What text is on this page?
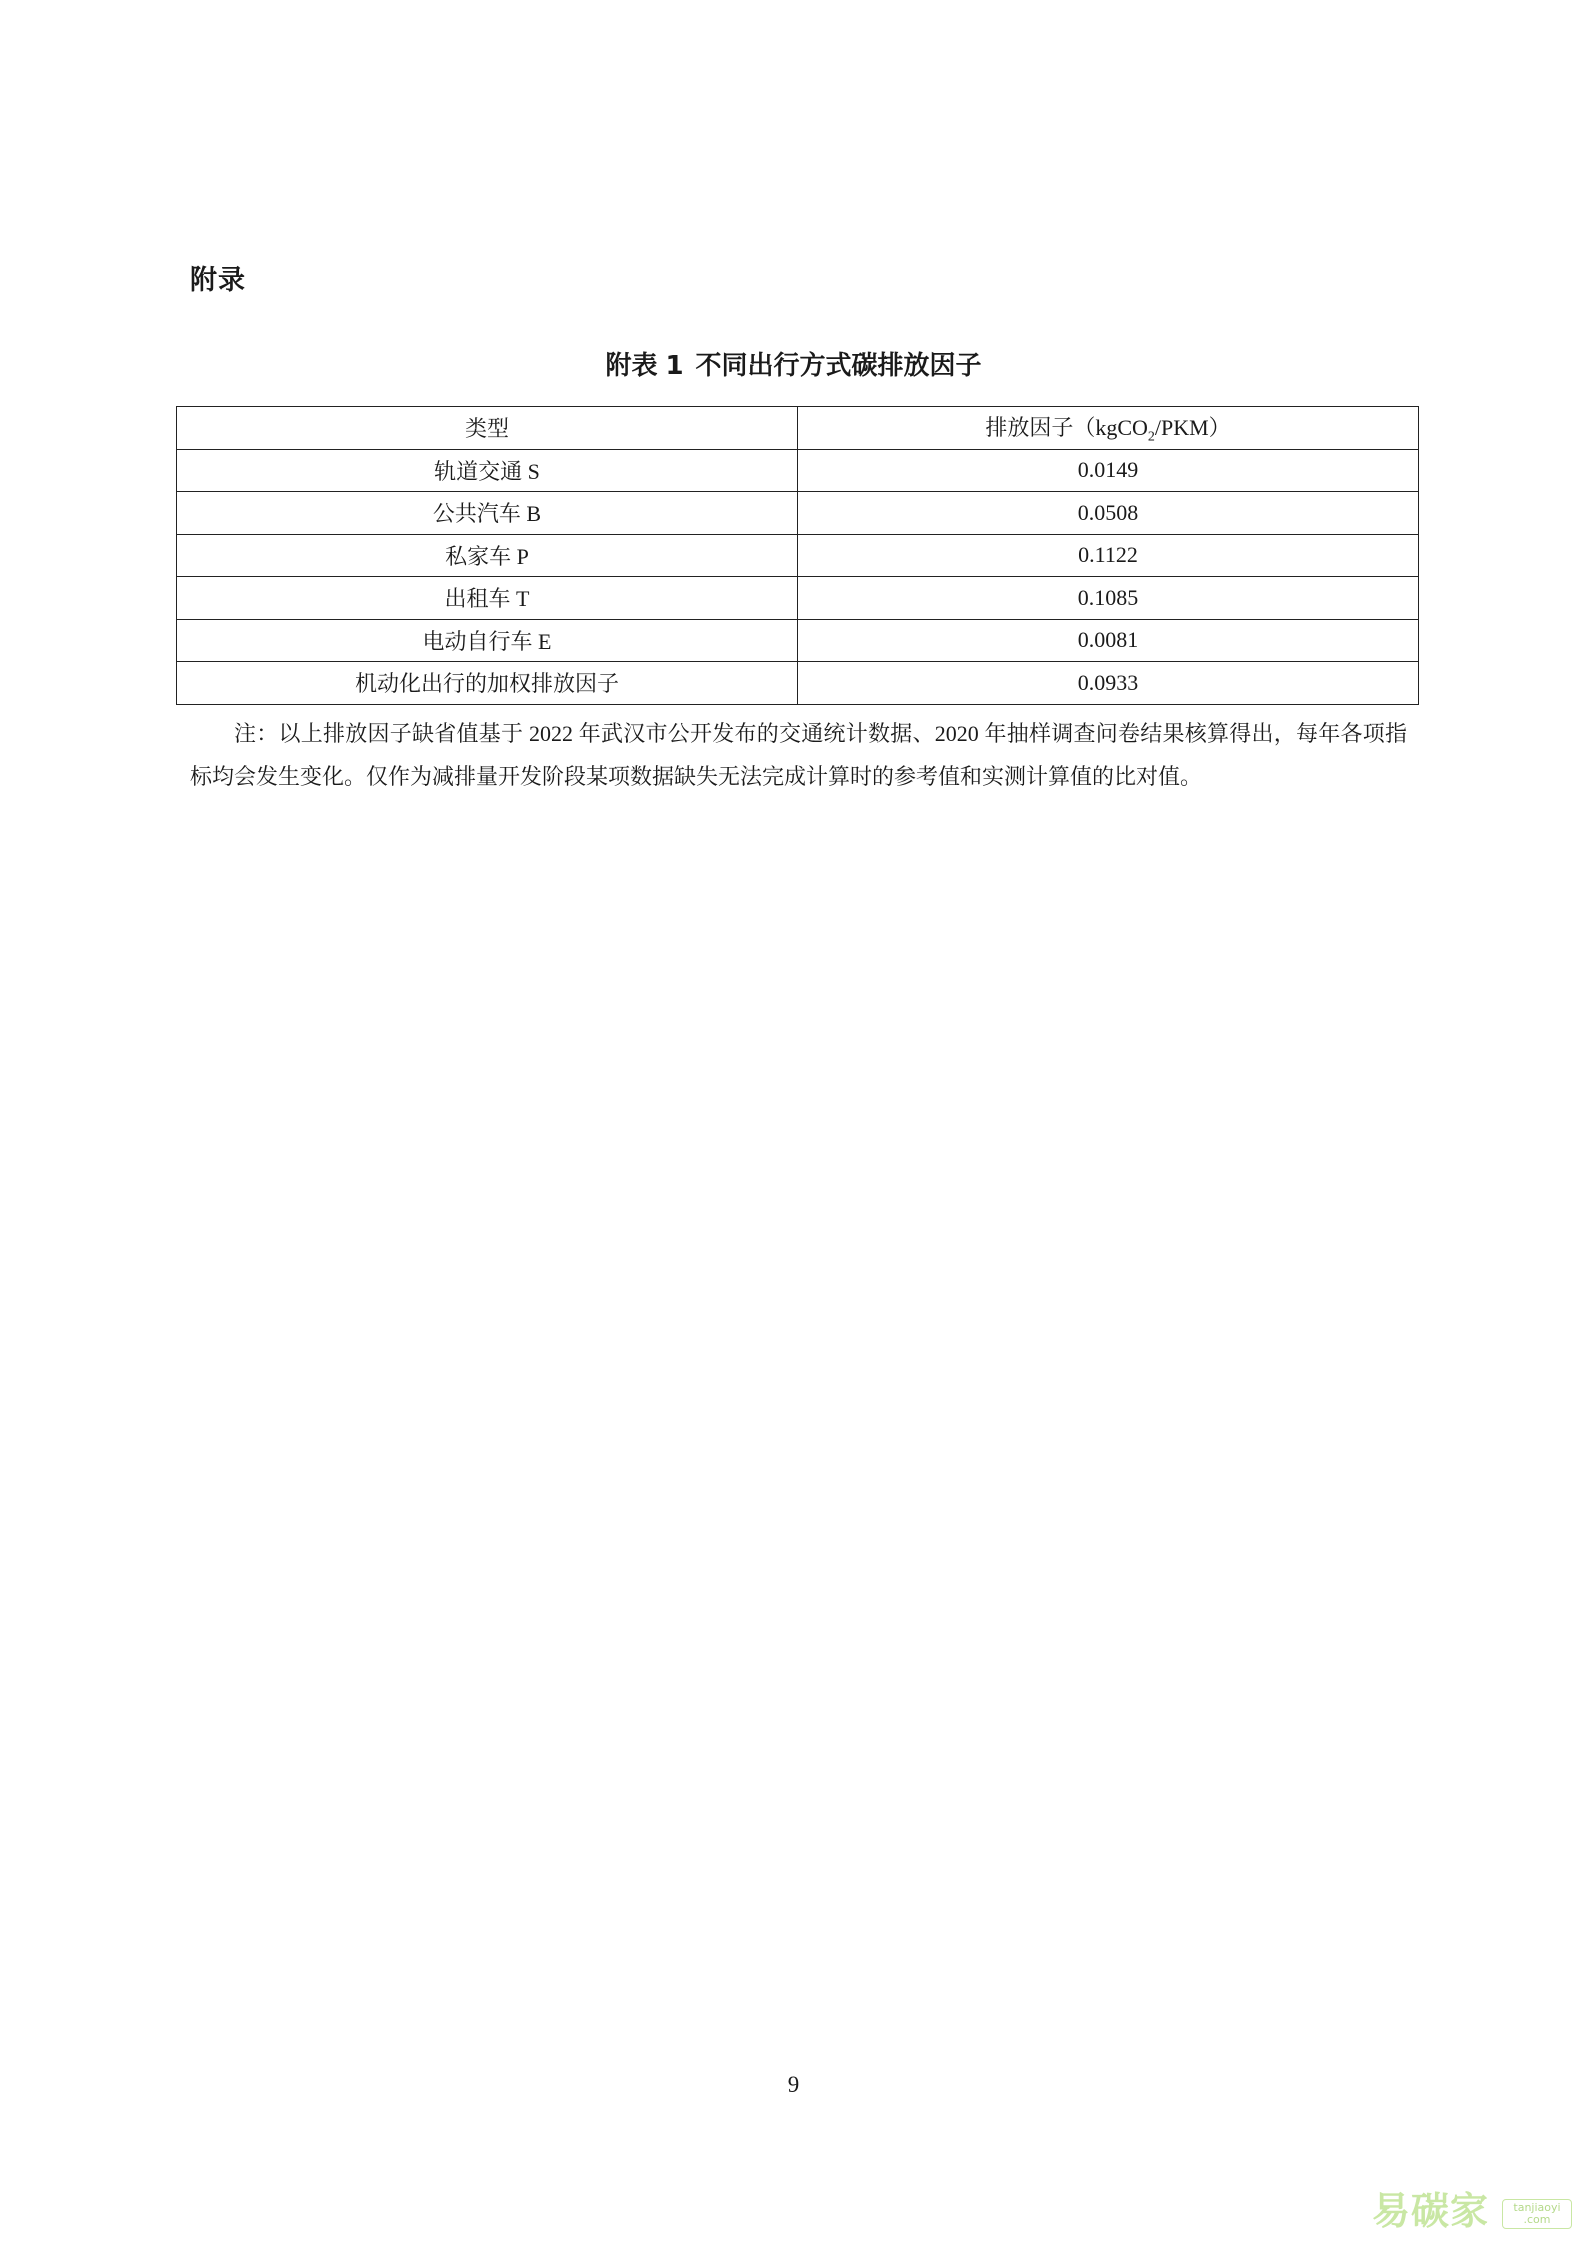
附录
附表 1 不同出行方式碳排放因子
类型	排放因子（kgCO$_2$/PKM）
轨道交通 S	0.0149
公共汽车 B	0.0508
私家车 P	0.1122
出租车 T	0.1085
电动自行车 E	0.0081
机动化出行的加权排放因子	0.0933

注：以上排放因子缺省值基于 2022 年武汉市公开发布的交通统计数据、2020 年抽样调查问卷结果核算得出，每年各项指标均会发生变化。仅作为减排量开发阶段某项数据缺失无法完成计算时的参考值和实测计算值的比对值。

9
易碳家	tanjiaoyi
.com
